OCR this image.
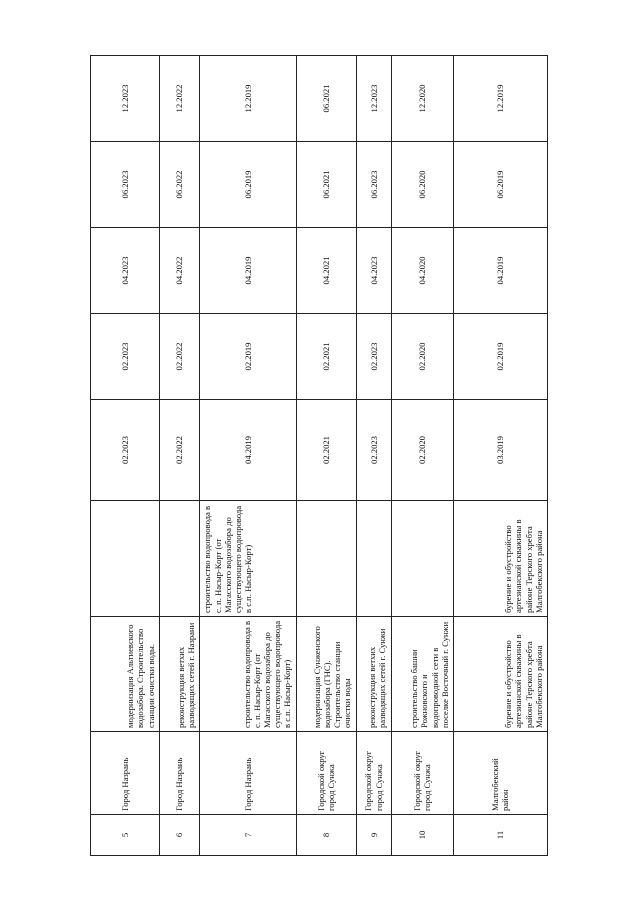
5	Город Назрань	модернизация Альтиевского водозабора. Строительство станции очистки воды.		02.2023	02.2023	04.2023	06.2023	12.2023
6	Город Назрань	реконструкция ветхих разводящих сетей г. Назрани		02.2022	02.2022	04.2022	06.2022	12.2022
7	Город Назрань	строительство водопровода в с. п. Насыр-Корт (от Магасского водозабора до существующего водопровода в с.п. Насыр-Корт)	строительство водопровода в с. п. Насыр-Корт (от Магасского водозабора до существующего водопровода в с.п. Насыр-Корт)	04.2019	02.2019	04.2019	06.2019	12.2019
8	Городской округ город Сунжа	модернизация Сунженского водозабора (ГНС). Строительство станции очистки воды		02.2021	02.2021	04.2021	06.2021	06.2021
9	Городской округ город Сунжа	реконструкция ветхих разводящих сетей г. Сунжи		02.2023	02.2023	04.2023	06.2023	12.2023
10	Городской округ город Сунжа	строительство башни Рожновского и водопроводной сети в поселке Восточный г. Сунжи		02.2020	02.2020	04.2020	06.2020	12.2020
11	Малгобекский район	бурение и обустройство артезианской скважины в районе Терского хребта Малгобекского района	бурение и обустройство артезианской скважины в районе Терского хребта Малгобекского района	03.2019	02.2019	04.2019	06.2019	12.2019
